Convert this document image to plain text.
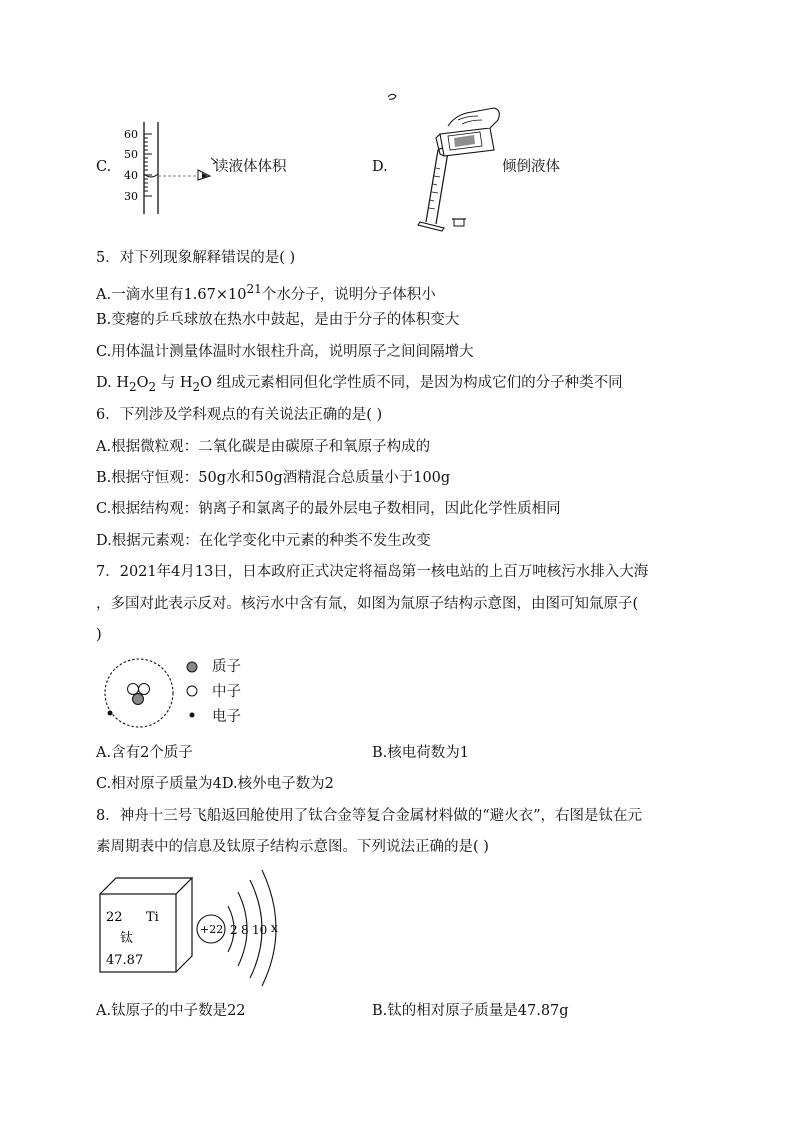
C.
60
50
40
30
读液体体积	D.	倾倒液体
5．对下列现象解释错误的是( )
A.一滴水里有$1.67\times 10^{21}$个水分子，说明分子体积小
B.变瘪的乒乓球放在热水中鼓起，是由于分子的体积变大
C.用体温计测量体温时水银柱升高，说明原子之间间隔增大
D. $H_2O_2$ 与 $H_2O$ 组成元素相同但化学性质不同，是因为构成它们的分子种类不同
6．下列涉及学科观点的有关说法正确的是( )
A.根据微粒观：二氧化碳是由碳原子和氧原子构成的
B.根据守恒观：50g水和50g酒精混合总质量小于100g
C.根据结构观：钠离子和氯离子的最外层电子数相同，因此化学性质相同
D.根据元素观：在化学变化中元素的种类不发生改变
7．2021年4月13日，日本政府正式决定将福岛第一核电站的上百万吨核污水排入大海
，多国对此表示反对。核污水中含有氚，如图为氚原子结构示意图，由图可知氚原子(
)
质子
中子
电子
A.含有2个质子	B.核电荷数为1
C.相对原子质量为4D.核外电子数为2
8．神舟十三号飞船返回舱使用了钛合金等复合金属材料做的“避火衣”，右图是钛在元
素周期表中的信息及钛原子结构示意图。下列说法正确的是( )
22 Ti
钛
47.87
+22 2 8 10 x
A.钛原子的中子数是22	B.钛的相对原子质量是47.87g
